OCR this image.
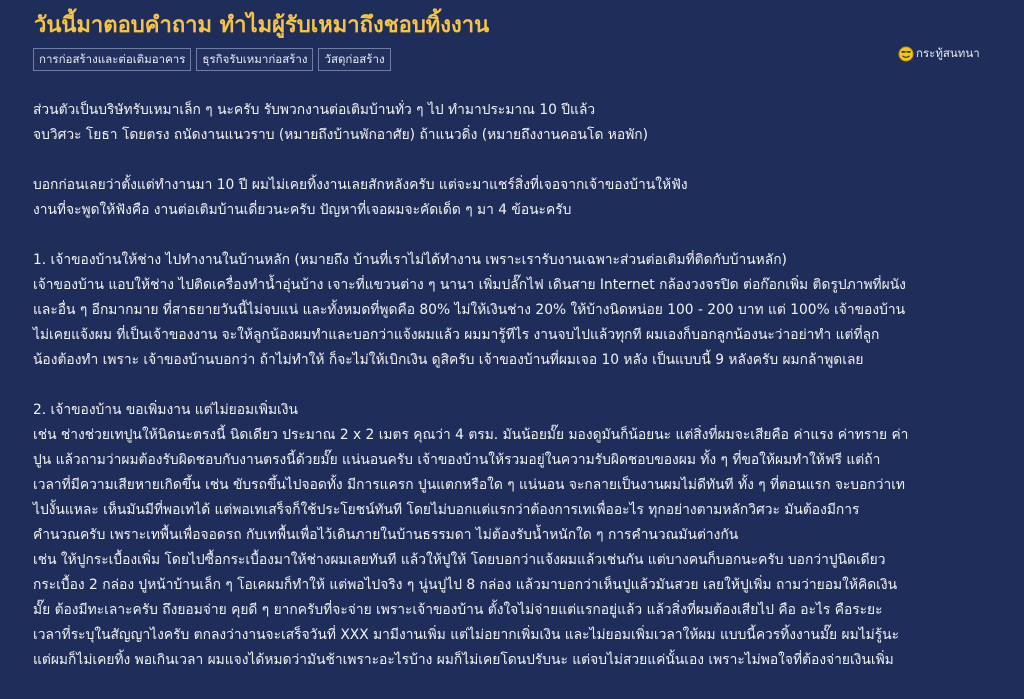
วันนี้มาตอบคำถาม ทำไมผู้รับเหมาถึงชอบทิ้งงาน
การก่อสร้างและต่อเติมอาคาร	ธุรกิจรับเหมาก่อสร้าง	วัสดุก่อสร้าง	กระทู้สนทนา
ส่วนตัวเป็นบริษัทรับเหมาเล็ก ๆ นะครับ รับพวกงานต่อเติมบ้านทั่ว ๆ ไป ทำมาประมาณ 10 ปีแล้ว
จบวิศวะ โยธา โดยตรง ถนัดงานแนวราบ (หมายถึงบ้านพักอาศัย) ถ้าแนวดิ่ง (หมายถึงงานคอนโด หอพัก)
บอกก่อนเลยว่าตั้งแต่ทำงานมา 10 ปี ผมไม่เคยทิ้งงานเลยสักหลังครับ แต่จะมาแชร์สิ่งที่เจอจากเจ้าของบ้านให้ฟัง
งานที่จะพูดให้ฟังคือ งานต่อเติมบ้านเดี่ยวนะครับ ปัญหาที่เจอผมจะคัดเด็ด ๆ มา 4 ข้อนะครับ
1. เจ้าของบ้านให้ช่าง ไปทำงานในบ้านหลัก (หมายถึง บ้านที่เราไม่ได้ทำงาน เพราะเรารับงานเฉพาะส่วนต่อเติมที่ติดกับบ้านหลัก)
เจ้าของบ้าน แอบให้ช่าง ไปติดเครื่องทำน้ำอุ่นบ้าง เจาะที่แขวนต่าง ๆ นานา เพิ่มปลั๊กไฟ เดินสาย Internet กล้องวงจรปิด ต่อก๊อกเพิ่ม ติดรูปภาพที่ผนัง
และอื่น ๆ อีกมากมาย ที่สาธยายวันนี้ไม่จบแน่ และทั้งหมดที่พูดคือ 80% ไม่ให้เงินช่าง 20% ให้บ้างนิดหน่อย 100 - 200 บาท แต่ 100% เจ้าของบ้าน
ไม่เคยแจ้งผม ที่เป็นเจ้าของงาน จะให้ลูกน้องผมทำและบอกว่าแจ้งผมแล้ว ผมมารู้ทีไร งานจบไปแล้วทุกที ผมเองก็บอกลูกน้องนะว่าอย่าทำ แต่ที่ลูก
น้องต้องทำ เพราะ เจ้าของบ้านบอกว่า ถ้าไม่ทำให้ ก็จะไม่ให้เบิกเงิน ดูสิครับ เจ้าของบ้านที่ผมเจอ 10 หลัง เป็นแบบนี้ 9 หลังครับ ผมกล้าพูดเลย
2. เจ้าของบ้าน ขอเพิ่มงาน แต่ไม่ยอมเพิ่มเงิน
เช่น ช่างช่วยเทปูนให้นิดนะตรงนี้ นิดเดียว ประมาณ 2 x 2 เมตร คุณว่า 4 ตรม. มันน้อยมั๊ย มองดูมันก็น้อยนะ แต่สิ่งที่ผมจะเสียคือ ค่าแรง ค่าทราย ค่า
ปูน แล้วถามว่าผมต้องรับผิดชอบกับงานตรงนี้ด้วยมั๊ย แน่นอนครับ เจ้าของบ้านให้รวมอยู่ในความรับผิดชอบของผม ทั้ง ๆ ที่ขอให้ผมทำให้ฟรี แต่ถ้า
เวลาที่มีความเสียหายเกิดขึ้น เช่น ขับรถขึ้นไปจอดทั้ง มีการแครก ปูนแตกหรือใด ๆ แน่นอน จะกลายเป็นงานผมไม่ดีทันที ทั้ง ๆ ที่ตอนแรก จะบอกว่าเท
ไปงั้นแหละ เห็นมันมีที่พอเทได้ แต่พอเทเสร็จก็ใช้ประโยชน์ทันที โดยไม่บอกแต่แรกว่าต้องการเทเพื่ออะไร ทุกอย่างตามหลักวิศวะ มันต้องมีการ
คำนวณครับ เพราะเทพื้นเพื่อจอดรถ กับเทพื้นเพื่อไว้เดินภายในบ้านธรรมดา ไม่ต้องรับน้ำหนักใด ๆ การคำนวณมันต่างกัน
เช่น ให้ปูกระเบื้องเพิ่ม โดยไปซื้อกระเบื้องมาให้ช่างผมเลยทันที แล้วให้ปูให้ โดยบอกว่าแจ้งผมแล้วเช่นกัน แต่บางคนก็บอกนะครับ บอกว่าปูนิดเดียว
กระเบื้อง 2 กล่อง ปูหน้าบ้านเล็ก ๆ โอเคผมก็ทำให้ แต่พอไปจริง ๆ นู่นปูไป 8 กล่อง แล้วมาบอกว่าเห็นปูแล้วมันสวย เลยให้ปูเพิ่ม ถามว่ายอมให้คิดเงิน
มั๊ย ต้องมีทะเลาะครับ ถึงยอมจ่าย คุยดี ๆ ยากครับที่จะจ่าย เพราะเจ้าของบ้าน ตั้งใจไม่จ่ายแต่แรกอยู่แล้ว แล้วสิ่งที่ผมต้องเสียไป คือ อะไร คือระยะ
เวลาที่ระบุในสัญญาไงครับ ตกลงว่างานจะเสร็จวันที่ XXX มามีงานเพิ่ม แต่ไม่อยากเพิ่มเงิน และไม่ยอมเพิ่มเวลาให้ผม แบบนี้ควรทิ้งงานมั๊ย ผมไม่รู้นะ
แต่ผมก็ไม่เคยทิ้ง พอเกินเวลา ผมแจงได้หมดว่ามันช้าเพราะอะไรบ้าง ผมก็ไม่เคยโดนปรับนะ แต่จบไม่สวยแค่นั้นเอง เพราะไม่พอใจที่ต้องจ่ายเงินเพิ่ม
